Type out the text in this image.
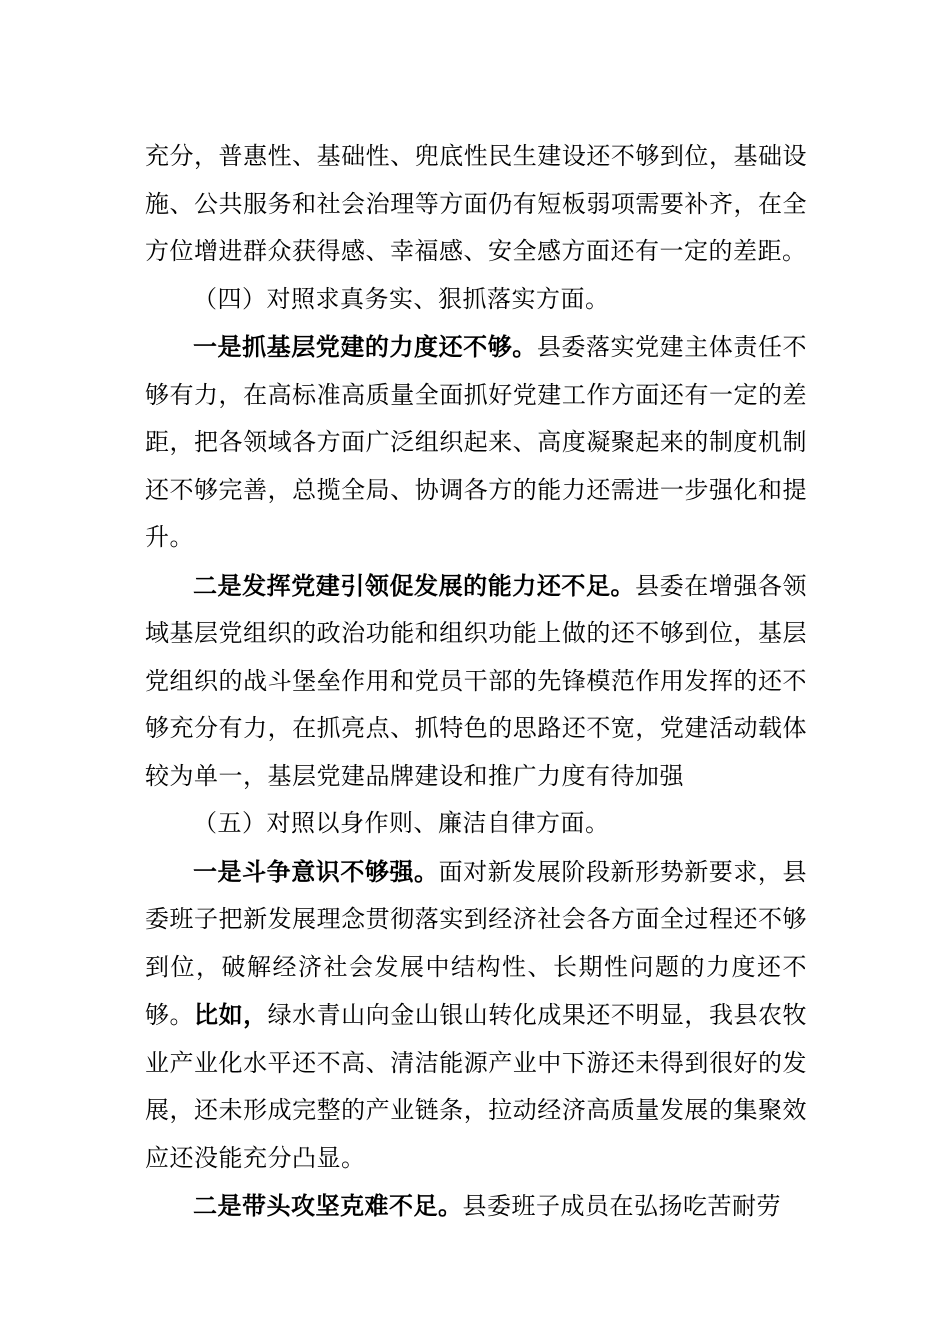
充分，普惠性、基础性、兜底性民生建设还不够到位，基础设施、公共服务和社会治理等方面仍有短板弱项需要补齐，在全方位增进群众获得感、幸福感、安全感方面还有一定的差距。

（四）对照求真务实、狠抓落实方面。

一是抓基层党建的力度还不够。县委落实党建主体责任不够有力，在高标准高质量全面抓好党建工作方面还有一定的差距，把各领域各方面广泛组织起来、高度凝聚起来的制度机制还不够完善，总揽全局、协调各方的能力还需进一步强化和提升。

二是发挥党建引领促发展的能力还不足。县委在增强各领域基层党组织的政治功能和组织功能上做的还不够到位，基层党组织的战斗堡垒作用和党员干部的先锋模范作用发挥的还不够充分有力，在抓亮点、抓特色的思路还不宽，党建活动载体较为单一，基层党建品牌建设和推广力度有待加强

（五）对照以身作则、廉洁自律方面。

一是斗争意识不够强。面对新发展阶段新形势新要求，县委班子把新发展理念贯彻落实到经济社会各方面全过程还不够到位，破解经济社会发展中结构性、长期性问题的力度还不够。比如，绿水青山向金山银山转化成果还不明显，我县农牧业产业化水平还不高、清洁能源产业中下游还未得到很好的发展，还未形成完整的产业链条，拉动经济高质量发展的集聚效应还没能充分凸显。

二是带头攻坚克难不足。县委班子成员在弘扬吃苦耐劳
